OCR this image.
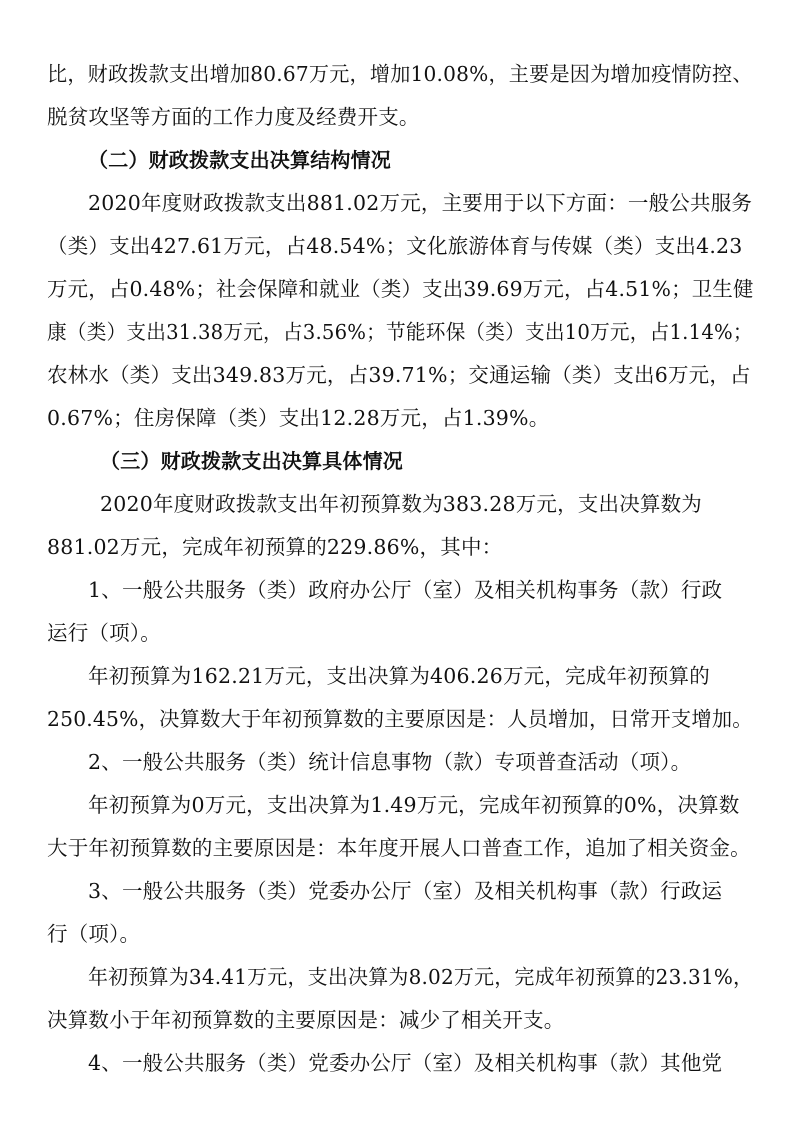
比，财政拨款支出增加80.67万元，增加10.08%，主要是因为增加疫情防控、
脱贫攻坚等方面的工作力度及经费开支。
（二）财政拨款支出决算结构情况
2020年度财政拨款支出881.02万元，主要用于以下方面：一般公共服务
（类）支出427.61万元，占48.54%；文化旅游体育与传媒（类）支出4.23
万元，占0.48%；社会保障和就业（类）支出39.69万元，占4.51%；卫生健
康（类）支出31.38万元，占3.56%；节能环保（类）支出10万元，占1.14%；
农林水（类）支出349.83万元，占39.71%；交通运输（类）支出6万元，占
0.67%；住房保障（类）支出12.28万元，占1.39%。
（三）财政拨款支出决算具体情况
2020年度财政拨款支出年初预算数为383.28万元，支出决算数为
881.02万元，完成年初预算的229.86%，其中：
1、一般公共服务（类）政府办公厅（室）及相关机构事务（款）行政
运行（项）。
年初预算为162.21万元，支出决算为406.26万元，完成年初预算的
250.45%，决算数大于年初预算数的主要原因是：人员增加，日常开支增加。
2、一般公共服务（类）统计信息事物（款）专项普查活动（项）。
年初预算为0万元，支出决算为1.49万元，完成年初预算的0%，决算数
大于年初预算数的主要原因是：本年度开展人口普查工作，追加了相关资金。
3、一般公共服务（类）党委办公厅（室）及相关机构事（款）行政运
行（项）。
年初预算为34.41万元，支出决算为8.02万元，完成年初预算的23.31%，
决算数小于年初预算数的主要原因是：减少了相关开支。
4、一般公共服务（类）党委办公厅（室）及相关机构事（款）其他党
